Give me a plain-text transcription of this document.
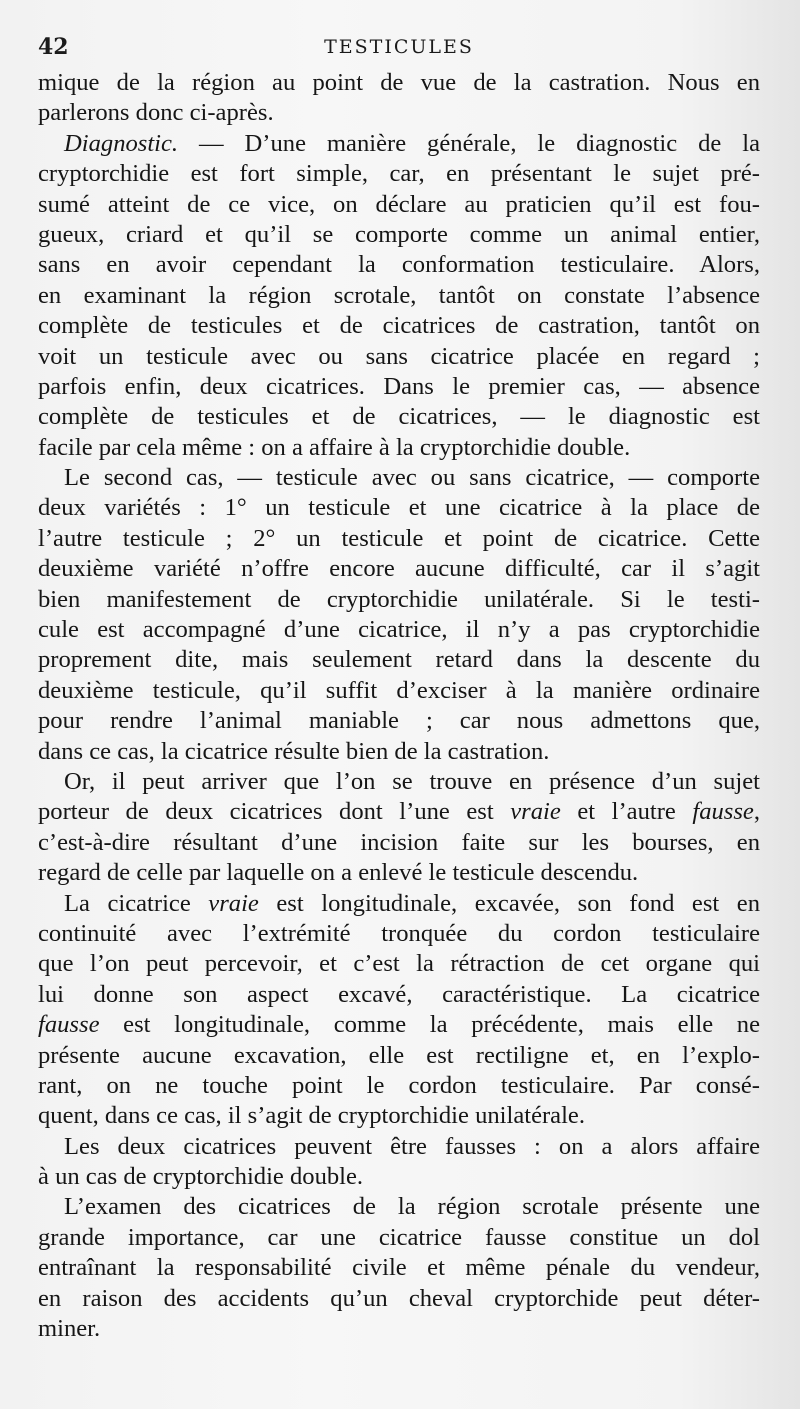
42	TESTICULES
mique de la région au point de vue de la castration. Nous en
parlerons donc ci-après.
Diagnostic. — D’une manière générale, le diagnostic de la
cryptorchidie est fort simple, car, en présentant le sujet pré-
sumé atteint de ce vice, on déclare au praticien qu’il est fou-
gueux, criard et qu’il se comporte comme un animal entier,
sans en avoir cependant la conformation testiculaire. Alors,
en examinant la région scrotale, tantôt on constate l’absence
complète de testicules et de cicatrices de castration, tantôt on
voit un testicule avec ou sans cicatrice placée en regard ;
parfois enfin, deux cicatrices. Dans le premier cas, — absence
complète de testicules et de cicatrices, — le diagnostic est
facile par cela même : on a affaire à la cryptorchidie double.
Le second cas, — testicule avec ou sans cicatrice, — comporte
deux variétés : 1° un testicule et une cicatrice à la place de
l’autre testicule ; 2° un testicule et point de cicatrice. Cette
deuxième variété n’offre encore aucune difficulté, car il s’agit
bien manifestement de cryptorchidie unilatérale. Si le testi-
cule est accompagné d’une cicatrice, il n’y a pas cryptorchidie
proprement dite, mais seulement retard dans la descente du
deuxième testicule, qu’il suffit d’exciser à la manière ordinaire
pour rendre l’animal maniable ; car nous admettons que,
dans ce cas, la cicatrice résulte bien de la castration.
Or, il peut arriver que l’on se trouve en présence d’un sujet
porteur de deux cicatrices dont l’une est vraie et l’autre fausse,
c’est-à-dire résultant d’une incision faite sur les bourses, en
regard de celle par laquelle on a enlevé le testicule descendu.
La cicatrice vraie est longitudinale, excavée, son fond est en
continuité avec l’extrémité tronquée du cordon testiculaire
que l’on peut percevoir, et c’est la rétraction de cet organe qui
lui donne son aspect excavé, caractéristique. La cicatrice
fausse est longitudinale, comme la précédente, mais elle ne
présente aucune excavation, elle est rectiligne et, en l’explo-
rant, on ne touche point le cordon testiculaire. Par consé-
quent, dans ce cas, il s’agit de cryptorchidie unilatérale.
Les deux cicatrices peuvent être fausses : on a alors affaire
à un cas de cryptorchidie double.
L’examen des cicatrices de la région scrotale présente une
grande importance, car une cicatrice fausse constitue un dol
entraînant la responsabilité civile et même pénale du vendeur,
en raison des accidents qu’un cheval cryptorchide peut déter-
miner.
